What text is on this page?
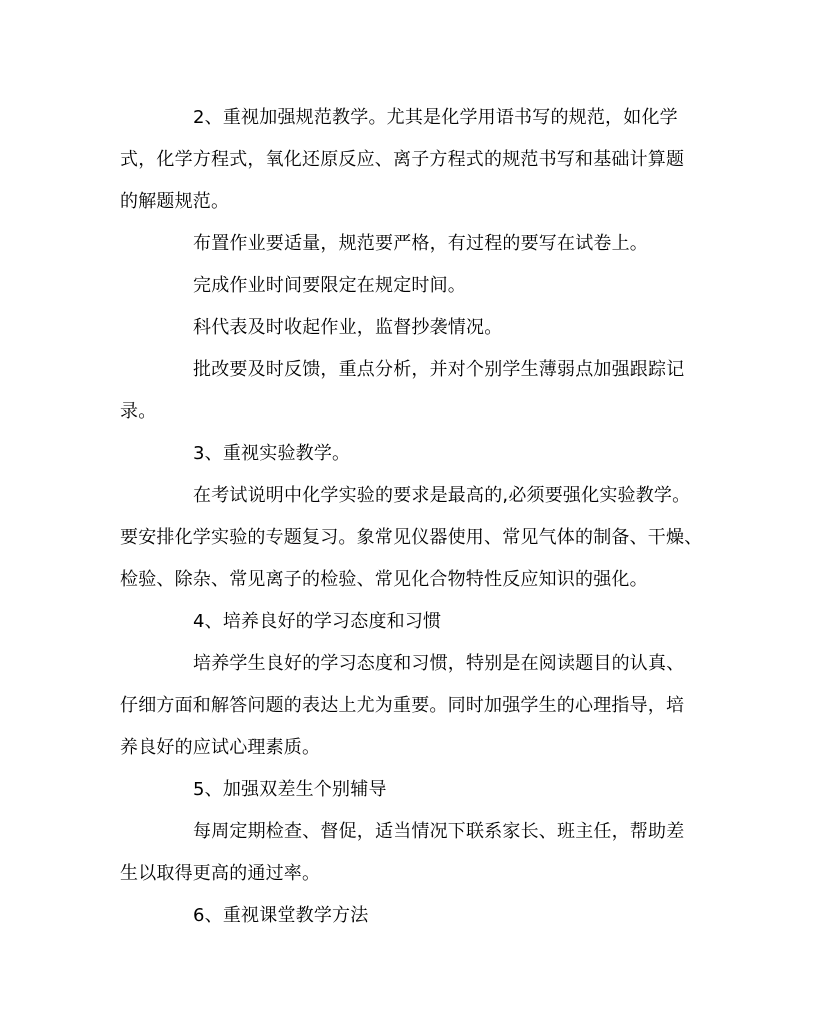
2、重视加强规范教学。尤其是化学用语书写的规范，如化学
式，化学方程式，氧化还原反应、离子方程式的规范书写和基础计算题
的解题规范。
布置作业要适量，规范要严格，有过程的要写在试卷上。
完成作业时间要限定在规定时间。
科代表及时收起作业，监督抄袭情况。
批改要及时反馈，重点分析，并对个别学生薄弱点加强跟踪记
录。
3、重视实验教学。
在考试说明中化学实验的要求是最高的,必须要强化实验教学。
要安排化学实验的专题复习。象常见仪器使用、常见气体的制备、干燥、
检验、除杂、常见离子的检验、常见化合物特性反应知识的强化。
4、培养良好的学习态度和习惯
培养学生良好的学习态度和习惯，特别是在阅读题目的认真、
仔细方面和解答问题的表达上尤为重要。同时加强学生的心理指导，培
养良好的应试心理素质。
5、加强双差生个别辅导
每周定期检查、督促，适当情况下联系家长、班主任，帮助差
生以取得更高的通过率。
6、重视课堂教学方法
